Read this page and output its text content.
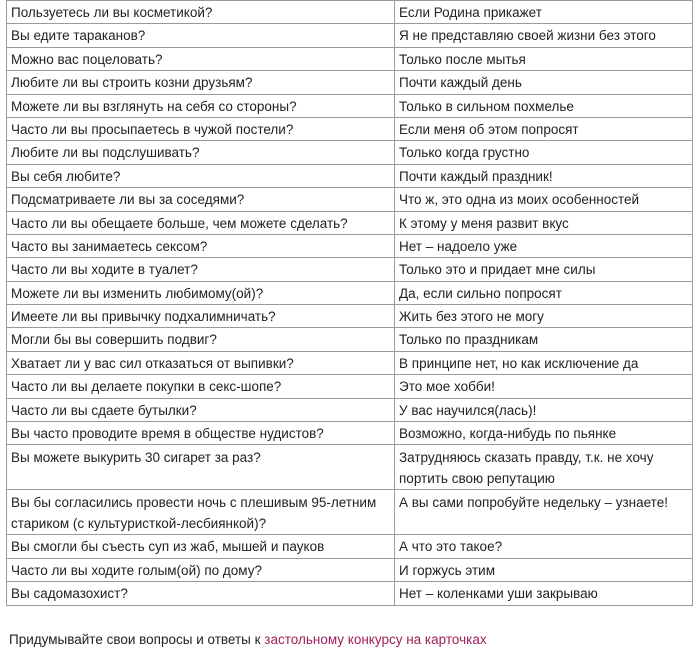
Пользуетесь ли вы косметикой?	Если Родина прикажет
Вы едите тараканов?	Я не представляю своей жизни без этого
Можно вас поцеловать?	Только после мытья
Любите ли вы строить козни друзьям?	Почти каждый день
Можете ли вы взглянуть на себя со стороны?	Только в сильном похмелье
Часто ли вы просыпаетесь в чужой постели?	Если меня об этом попросят
Любите ли вы подслушивать?	Только когда грустно
Вы себя любите?	Почти каждый праздник!
Подсматриваете ли вы за соседями?	Что ж, это одна из моих особенностей
Часто ли вы обещаете больше, чем можете сделать?	К этому у меня развит вкус
Часто вы занимаетесь сексом?	Нет – надоело уже
Часто ли вы ходите в туалет?	Только это и придает мне силы
Можете ли вы изменить любимому(ой)?	Да, если сильно попросят
Имеете ли вы привычку подхалимничать?	Жить без этого не могу
Могли бы вы совершить подвиг?	Только по праздникам
Хватает ли у вас сил отказаться от выпивки?	В принципе нет, но как исключение да
Часто ли вы делаете покупки в секс-шопе?	Это мое хобби!
Часто ли вы сдаете бутылки?	У вас научился(лась)!
Вы часто проводите время в обществе нудистов?	Возможно, когда-нибудь по пьянке
Вы можете выкурить 30 сигарет за раз?	Затрудняюсь сказать правду, т.к. не хочу портить свою репутацию
Вы бы согласились провести ночь с плешивым 95-летним стариком (с культуристкой-лесбиянкой)?	А вы сами попробуйте недельку – узнаете!
Вы смогли бы съесть суп из жаб, мышей и пауков	А что это такое?
Часто ли вы ходите голым(ой) по дому?	И горжусь этим
Вы садомазохист?	Нет – коленками уши закрываю
Придумывайте свои вопросы и ответы к застольному конкурсу на карточках
